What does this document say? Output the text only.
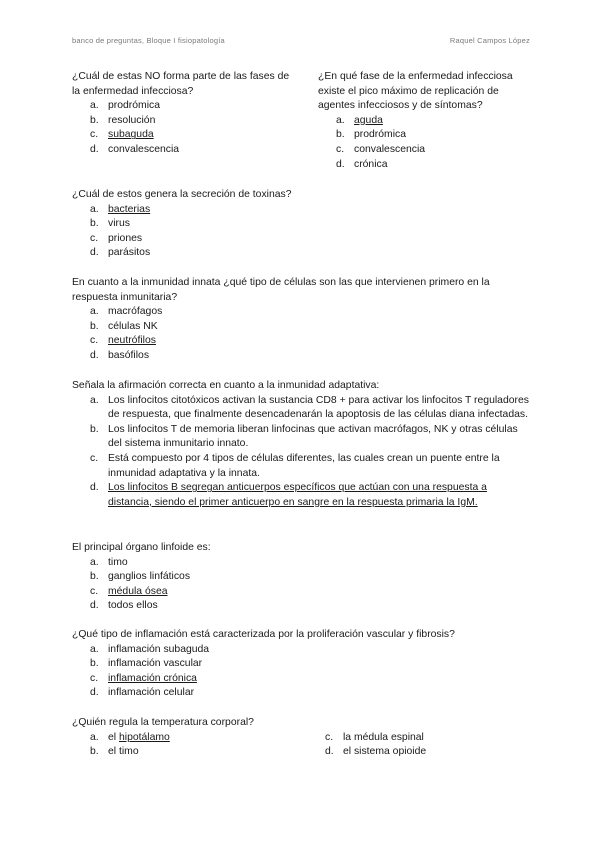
banco de preguntas, Bloque I fisiopatología	Raquel Campos López

¿Cuál de estas NO forma parte de las fases de la enfermedad infecciosa?

a. prodrómica
b. resolución
c. subaguda
d. convalescencia

¿En qué fase de la enfermedad infecciosa existe el pico máximo de replicación de agentes infecciosos y de síntomas?

a. aguda
b. prodrómica
c. convalescencia
d. crónica

¿Cuál de estos genera la secreción de toxinas?

a. bacterias
b. virus
c. priones
d. parásitos

En cuanto a la inmunidad innata ¿qué tipo de células son las que intervienen primero en la respuesta inmunitaria?

a. macrófagos
b. células NK
c. neutrófilos
d. basófilos

Señala la afirmación correcta en cuanto a la inmunidad adaptativa:

a. Los linfocitos citotóxicos activan la sustancia CD8 + para activar los linfocitos T reguladores de respuesta, que finalmente desencadenarán la apoptosis de las células diana infectadas.
b. Los linfocitos T de memoria liberan linfocinas que activan macrófagos, NK y otras células del sistema inmunitario innato.
c. Está compuesto por 4 tipos de células diferentes, las cuales crean un puente entre la inmunidad adaptativa y la innata.
d. Los linfocitos B segregan anticuerpos específicos que actúan con una respuesta a distancia, siendo el primer anticuerpo en sangre en la respuesta primaria la IgM.

El principal órgano linfoide es:

a. timo
b. ganglios linfáticos
c. médula ósea
d. todos ellos

¿Qué tipo de inflamación está caracterizada por la proliferación vascular y fibrosis?

a. inflamación subaguda
b. inflamación vascular
c. inflamación crónica
d. inflamación celular

¿Quién regula la temperatura corporal?

a. el hipotálamo
b. el timo
c. la médula espinal
d. el sistema opioide
